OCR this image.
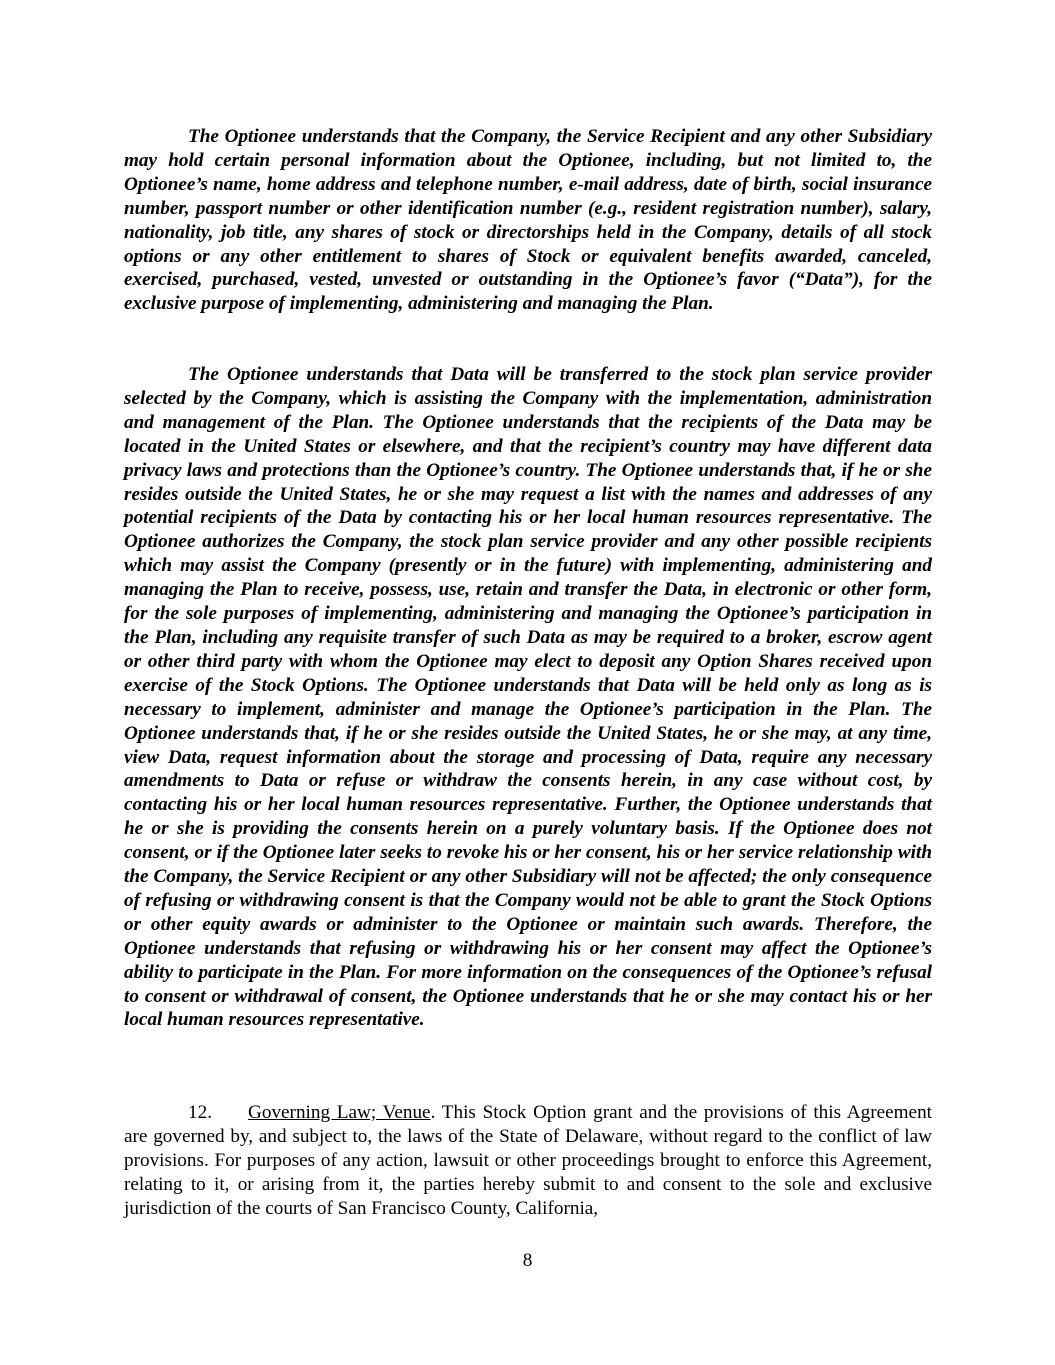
The Optionee understands that the Company, the Service Recipient and any other Subsidiary may hold certain personal information about the Optionee, including, but not limited to, the Optionee’s name, home address and telephone number, e-mail address, date of birth, social insurance number, passport number or other identification number (e.g., resident registration number), salary, nationality, job title, any shares of stock or directorships held in the Company, details of all stock options or any other entitlement to shares of Stock or equivalent benefits awarded, canceled, exercised, purchased, vested, unvested or outstanding in the Optionee’s favor (“Data”), for the exclusive purpose of implementing, administering and managing the Plan.

The Optionee understands that Data will be transferred to the stock plan service provider selected by the Company, which is assisting the Company with the implementation, administration and management of the Plan. The Optionee understands that the recipients of the Data may be located in the United States or elsewhere, and that the recipient’s country may have different data privacy laws and protections than the Optionee’s country. The Optionee understands that, if he or she resides outside the United States, he or she may request a list with the names and addresses of any potential recipients of the Data by contacting his or her local human resources representative. The Optionee authorizes the Company, the stock plan service provider and any other possible recipients which may assist the Company (presently or in the future) with implementing, administering and managing the Plan to receive, possess, use, retain and transfer the Data, in electronic or other form, for the sole purposes of implementing, administering and managing the Optionee’s participation in the Plan, including any requisite transfer of such Data as may be required to a broker, escrow agent or other third party with whom the Optionee may elect to deposit any Option Shares received upon exercise of the Stock Options. The Optionee understands that Data will be held only as long as is necessary to implement, administer and manage the Optionee’s participation in the Plan. The Optionee understands that, if he or she resides outside the United States, he or she may, at any time, view Data, request information about the storage and processing of Data, require any necessary amendments to Data or refuse or withdraw the consents herein, in any case without cost, by contacting his or her local human resources representative. Further, the Optionee understands that he or she is providing the consents herein on a purely voluntary basis. If the Optionee does not consent, or if the Optionee later seeks to revoke his or her consent, his or her service relationship with the Company, the Service Recipient or any other Subsidiary will not be affected; the only consequence of refusing or withdrawing consent is that the Company would not be able to grant the Stock Options or other equity awards or administer to the Optionee or maintain such awards. Therefore, the Optionee understands that refusing or withdrawing his or her consent may affect the Optionee’s ability to participate in the Plan. For more information on the consequences of the Optionee’s refusal to consent or withdrawal of consent, the Optionee understands that he or she may contact his or her local human resources representative.

12. Governing Law; Venue. This Stock Option grant and the provisions of this Agreement are governed by, and subject to, the laws of the State of Delaware, without regard to the conflict of law provisions. For purposes of any action, lawsuit or other proceedings brought to enforce this Agreement, relating to it, or arising from it, the parties hereby submit to and consent to the sole and exclusive jurisdiction of the courts of San Francisco County, California,

8
